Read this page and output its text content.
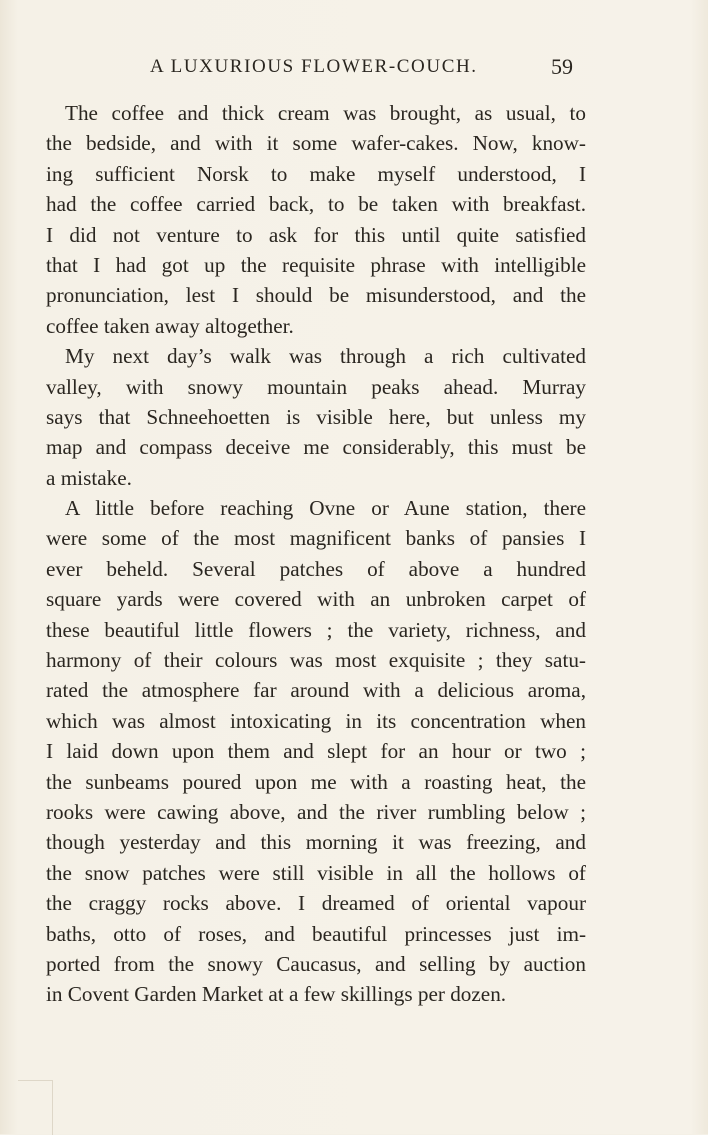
A LUXURIOUS FLOWER-COUCH.	59
The coffee and thick cream was brought, as usual, to
the bedside, and with it some wafer-cakes. Now, know-
ing sufficient Norsk to make myself understood, I
had the coffee carried back, to be taken with breakfast.
I did not venture to ask for this until quite satisfied
that I had got up the requisite phrase with intelligible
pronunciation, lest I should be misunderstood, and the
coffee taken away altogether.
My next day’s walk was through a rich cultivated
valley, with snowy mountain peaks ahead. Murray
says that Schneehoetten is visible here, but unless my
map and compass deceive me considerably, this must be
a mistake.
A little before reaching Ovne or Aune station, there
were some of the most magnificent banks of pansies I
ever beheld. Several patches of above a hundred
square yards were covered with an unbroken carpet of
these beautiful little flowers ; the variety, richness, and
harmony of their colours was most exquisite ; they satu-
rated the atmosphere far around with a delicious aroma,
which was almost intoxicating in its concentration when
I laid down upon them and slept for an hour or two ;
the sunbeams poured upon me with a roasting heat, the
rooks were cawing above, and the river rumbling below ;
though yesterday and this morning it was freezing, and
the snow patches were still visible in all the hollows of
the craggy rocks above. I dreamed of oriental vapour
baths, otto of roses, and beautiful princesses just im-
ported from the snowy Caucasus, and selling by auction
in Covent Garden Market at a few skillings per dozen.
